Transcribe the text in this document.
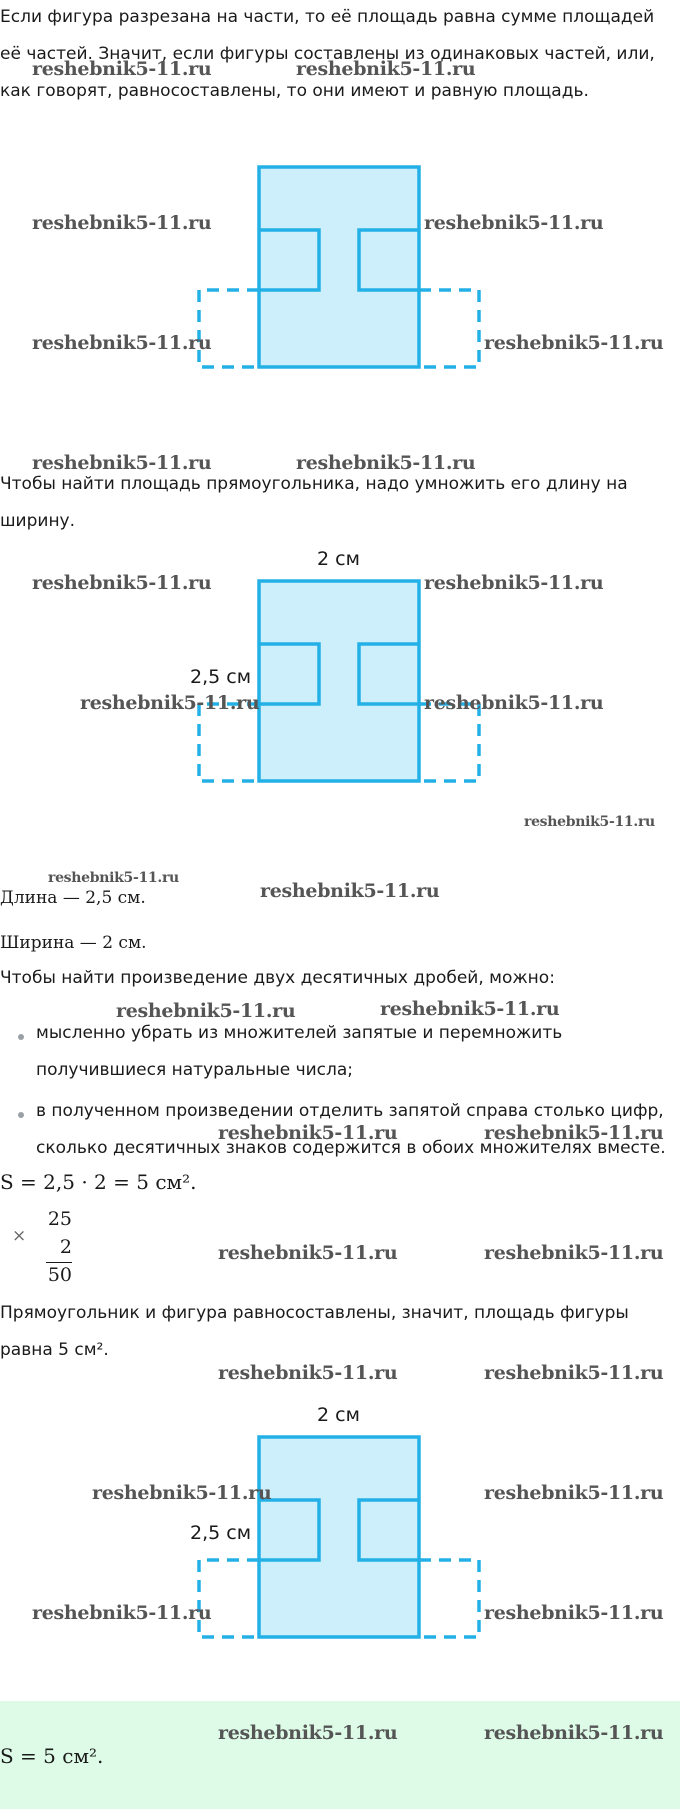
Если фигура разрезана на части, то её площадь равна сумме площадей её частей. Значит, если фигуры составлены из одинаковых частей, или, как говорят, равносоставлены, то они имеют и равную площадь.

Чтобы найти площадь прямоугольника, надо умножить его длину на ширину.

2 см
2,5 см

Длина — 2,5 см.

Ширина — 2 см.

Чтобы найти произведение двух десятичных дробей, можно:

мысленно убрать из множителей запятые и перемножить получившиеся натуральные числа;

в полученном произведении отделить запятой справа столько цифр, сколько десятичных знаков содержится в обоих множителях вместе.

S = 2,5 · 2 = 5 см².
×
25
2
50

Прямоугольник и фигура равносоставлены, значит, площадь фигуры равна 5 см².

2 см
2,5 см
S = 5 см².
reshebnik5-11.ru	reshebnik5-11.ru
reshebnik5-11.ru	reshebnik5-11.ru
reshebnik5-11.ru	reshebnik5-11.ru
reshebnik5-11.ru	reshebnik5-11.ru
reshebnik5-11.ru	reshebnik5-11.ru
reshebnik5-11.ru	reshebnik5-11.ru
reshebnik5-11.ru
reshebnik5-11.ru
reshebnik5-11.ru
reshebnik5-11.ru	reshebnik5-11.ru
reshebnik5-11.ru	reshebnik5-11.ru
reshebnik5-11.ru	reshebnik5-11.ru
reshebnik5-11.ru	reshebnik5-11.ru
reshebnik5-11.ru	reshebnik5-11.ru
reshebnik5-11.ru	reshebnik5-11.ru
reshebnik5-11.ru	reshebnik5-11.ru
